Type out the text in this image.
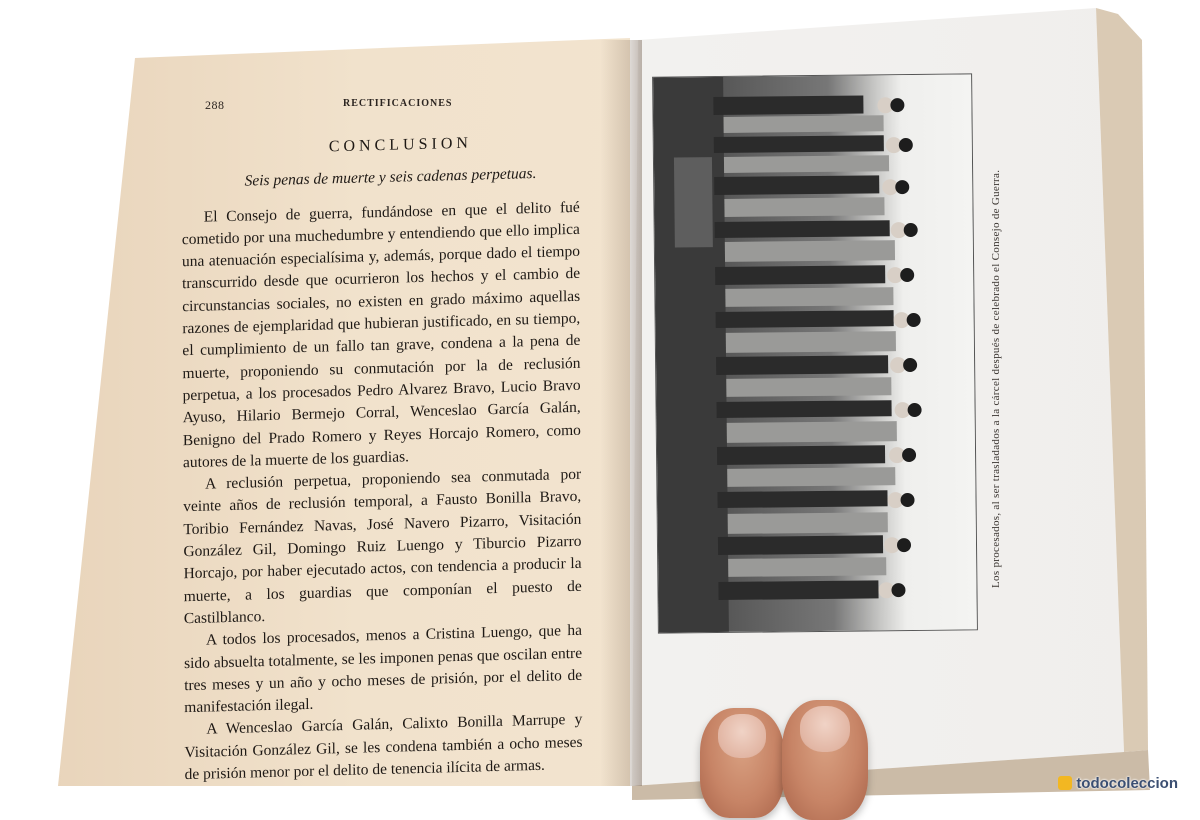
288	RECTIFICACIONES

CONCLUSION

Seis penas de muerte y seis cadenas perpetuas.

El Consejo de guerra, fundándose en que el delito fué cometido por una muchedumbre y entendiendo que ello implica una atenuación especialísima y, además, porque dado el tiempo transcurrido desde que ocurrieron los hechos y el cambio de circunstancias sociales, no existen en grado máximo aquellas razones de ejemplaridad que hubieran justificado, en su tiempo, el cumplimiento de un fallo tan grave, condena a la pena de muerte, proponiendo su conmutación por la de reclusión perpetua, a los procesados Pedro Alvarez Bravo, Lucio Bravo Ayuso, Hilario Bermejo Corral, Wenceslao García Galán, Benigno del Prado Romero y Reyes Horcajo Romero, como autores de la muerte de los guardias.

A reclusión perpetua, proponiendo sea conmutada por veinte años de reclusión temporal, a Fausto Bonilla Bravo, Toribio Fernández Navas, José Navero Pizarro, Visitación González Gil, Domingo Ruiz Luengo y Tiburcio Pizarro Horcajo, por haber ejecutado actos, con tendencia a producir la muerte, a los guardias que componían el puesto de Castilblanco.

A todos los procesados, menos a Cristina Luengo, que ha sido absuelta totalmente, se les imponen penas que oscilan entre tres meses y un año y ocho meses de prisión, por el delito de manifestación ilegal.

A Wenceslao García Galán, Calixto Bonilla Marrupe y Visitación González Gil, se les condena también a ocho meses de prisión menor por el delito de tenencia ilícita de armas.

Los procesados, al ser trasladados a la cárcel después de celebrado el Consejo de Guerra.
todocoleccion
